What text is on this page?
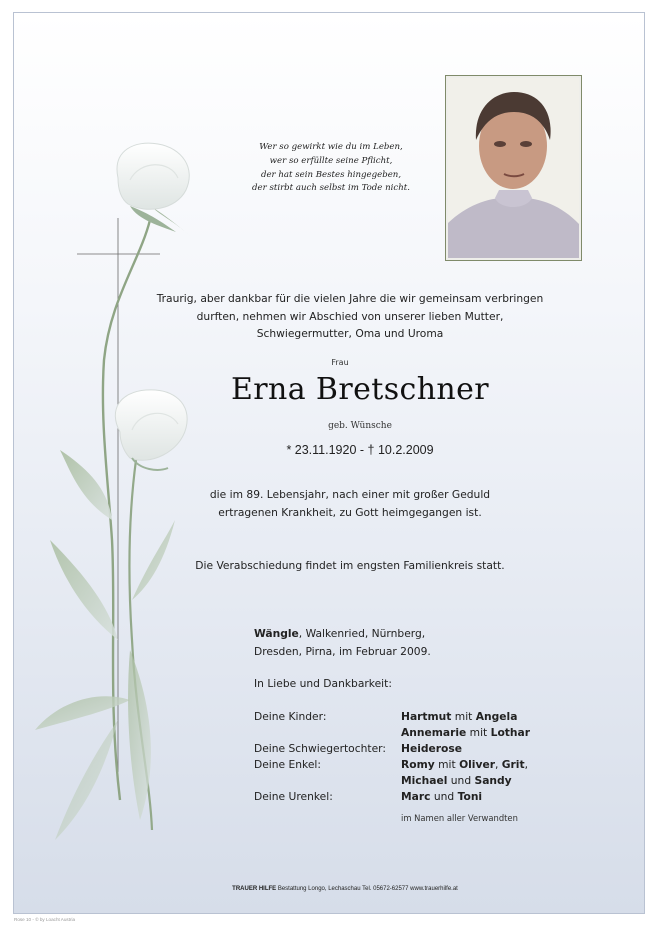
Wer so gewirkt wie du im Leben,
wer so erfüllte seine Pflicht,
der hat sein Bestes hingegeben,
der stirbt auch selbst im Tode nicht.
Traurig, aber dankbar für die vielen Jahre die wir gemeinsam verbringen
durften, nehmen wir Abschied von unserer lieben Mutter,
Schwiegermutter, Oma und Uroma
Frau
Erna Bretschner
geb. Wünsche
* 23.11.1920 - † 10.2.2009
die im 89. Lebensjahr, nach einer mit großer Geduld
ertragenen Krankheit, zu Gott heimgegangen ist.
Die Verabschiedung findet im engsten Familienkreis statt.
Wängle, Walkenried, Nürnberg,
Dresden, Pirna, im Februar 2009.
In Liebe und Dankbarkeit:
Deine Kinder:	Hartmut mit Angela
Annemarie mit Lothar
Deine Schwiegertochter:	Heiderose
Deine Enkel:	Romy mit Oliver, Grit,
Michael und Sandy
Deine Urenkel:	Marc und Toni
im Namen aller Verwandten
TRAUER HILFE Bestattung Longo, Lechaschau Tel. 05672-62577 www.trauerhilfe.at
Rose 10 - © by Loacht Austria
